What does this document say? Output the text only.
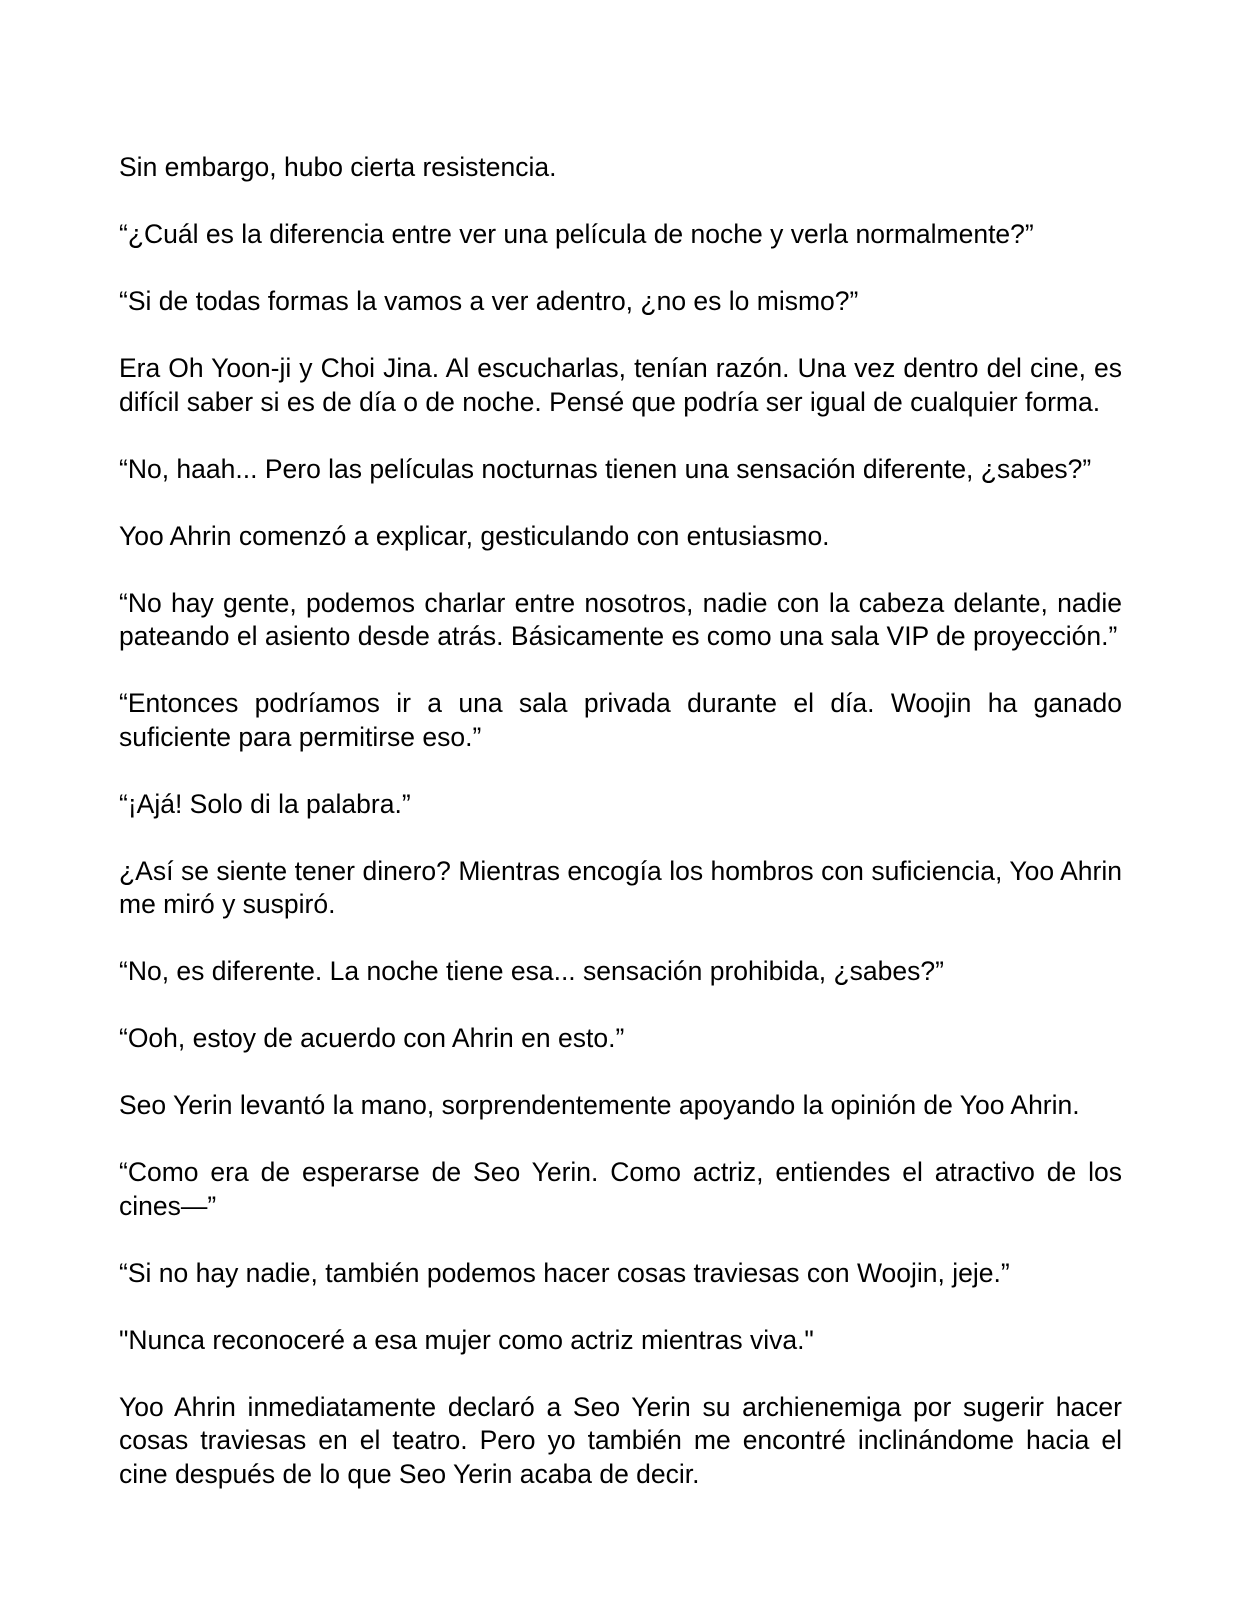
Sin embargo, hubo cierta resistencia.

“¿Cuál es la diferencia entre ver una película de noche y verla normalmente?”

“Si de todas formas la vamos a ver adentro, ¿no es lo mismo?”

Era Oh Yoon-ji y Choi Jina. Al escucharlas, tenían razón. Una vez dentro del cine, es difícil saber si es de día o de noche. Pensé que podría ser igual de cualquier forma.

“No, haah... Pero las películas nocturnas tienen una sensación diferente, ¿sabes?”

Yoo Ahrin comenzó a explicar, gesticulando con entusiasmo.

“No hay gente, podemos charlar entre nosotros, nadie con la cabeza delante, nadie pateando el asiento desde atrás. Básicamente es como una sala VIP de proyección.”

“Entonces podríamos ir a una sala privada durante el día. Woojin ha ganado suficiente para permitirse eso.”

“¡Ajá! Solo di la palabra.”

¿Así se siente tener dinero? Mientras encogía los hombros con suficiencia, Yoo Ahrin me miró y suspiró.

“No, es diferente. La noche tiene esa... sensación prohibida, ¿sabes?”

“Ooh, estoy de acuerdo con Ahrin en esto.”

Seo Yerin levantó la mano, sorprendentemente apoyando la opinión de Yoo Ahrin.

“Como era de esperarse de Seo Yerin. Como actriz, entiendes el atractivo de los cines—”

“Si no hay nadie, también podemos hacer cosas traviesas con Woojin, jeje.”

"Nunca reconoceré a esa mujer como actriz mientras viva."

Yoo Ahrin inmediatamente declaró a Seo Yerin su archienemiga por sugerir hacer cosas traviesas en el teatro. Pero yo también me encontré inclinándome hacia el cine después de lo que Seo Yerin acaba de decir.
